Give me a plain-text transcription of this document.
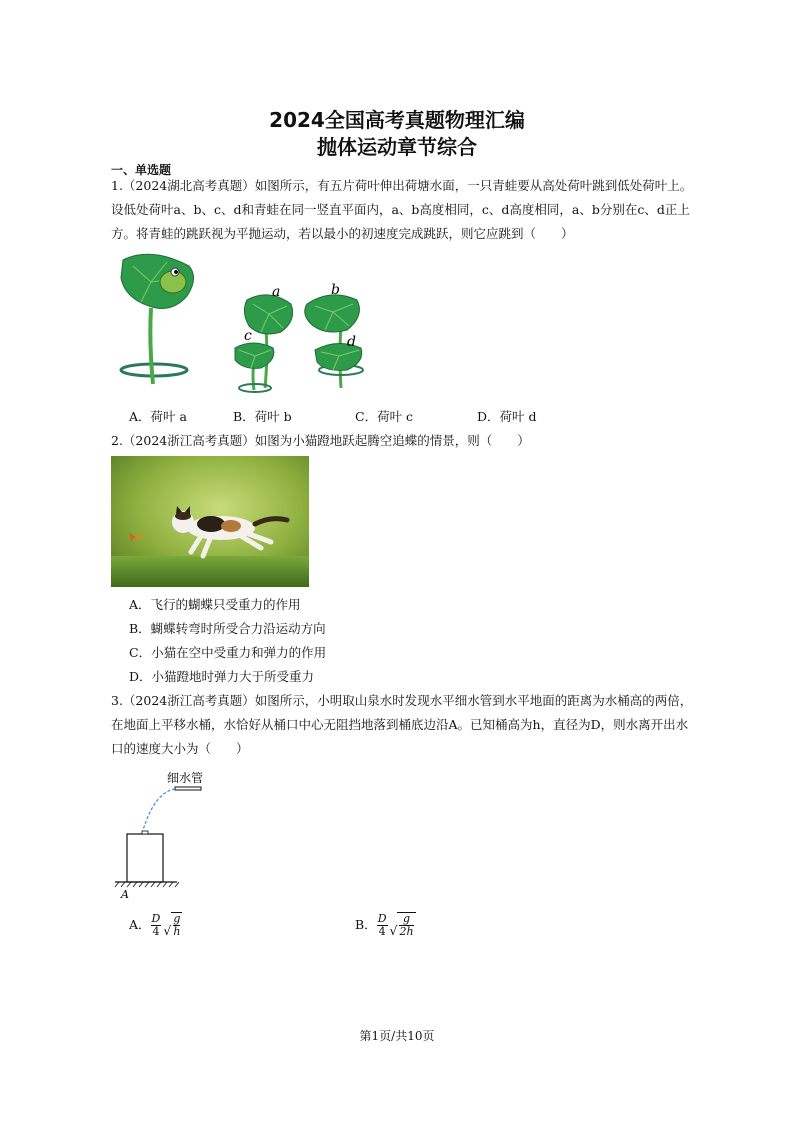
2024全国高考真题物理汇编
抛体运动章节综合
一、单选题
1.（2024湖北高考真题）如图所示，有五片荷叶伸出荷塘水面，一只青蛙要从高处荷叶跳到低处荷叶上。
设低处荷叶a、b、c、d和青蛙在同一竖直平面内，a、b高度相同，c、d高度相同，a、b分别在c、d正上
方。将青蛙的跳跃视为平抛运动，若以最小的初速度完成跳跃，则它应跳到（　　）
a	b
c	d
A．荷叶 a	B．荷叶 b	C．荷叶 c	D．荷叶 d
2.（2024浙江高考真题）如图为小猫蹬地跃起腾空追蝶的情景，则（　　）
A．飞行的蝴蝶只受重力的作用
B．蝴蝶转弯时所受合力沿运动方向
C．小猫在空中受重力和弹力的作用
D．小猫蹬地时弹力大于所受重力
3.（2024浙江高考真题）如图所示，小明取山泉水时发现水平细水管到水平地面的距离为水桶高的两倍，
在地面上平移水桶，水恰好从桶口中心无阻挡地落到桶底边沿A。已知桶高为h，直径为D，则水离开出水
口的速度大小为（　　）
细水管
A
A． $\frac{D}{4}$ √ $\frac{g}{h}$	B． $\frac{D}{4}$ √ $\frac{g}{2h}$
第1页/共10页
